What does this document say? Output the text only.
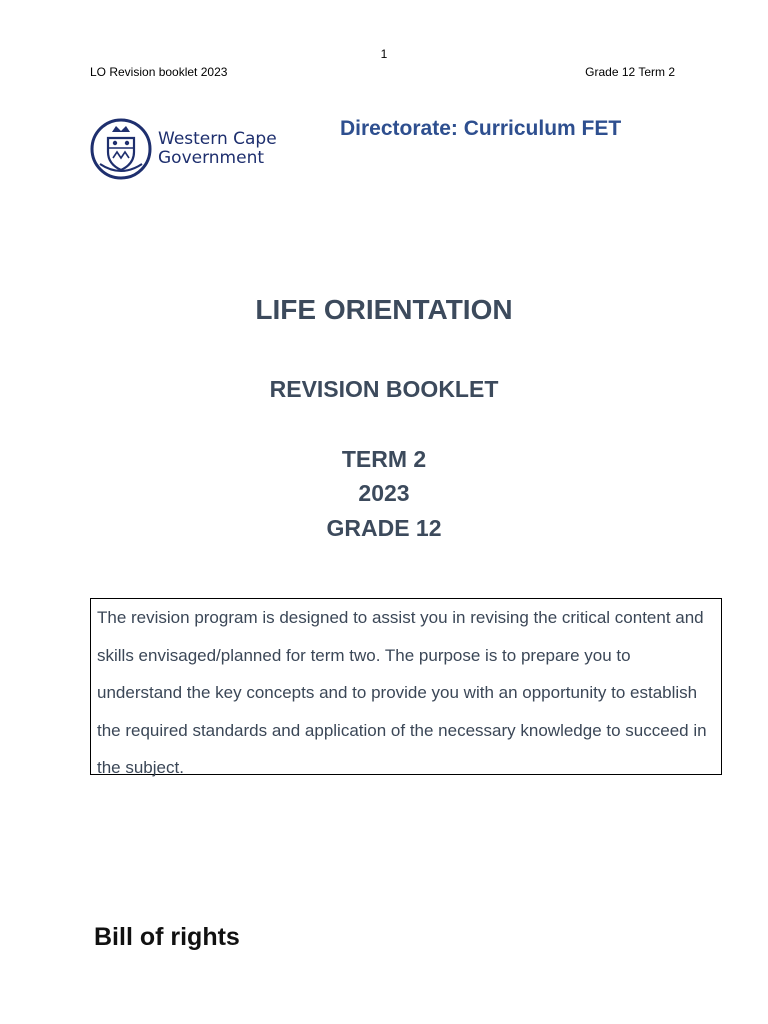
1
LO Revision booklet 2023	Grade 12 Term 2
Western Cape
Government
Directorate: Curriculum FET
LIFE ORIENTATION
REVISION BOOKLET
TERM 2
2023
GRADE 12

The revision program is designed to assist you in revising the critical content and skills envisaged/planned for term two. The purpose is to prepare you to understand the key concepts and to provide you with an opportunity to establish the required standards and application of the necessary knowledge to succeed in the subject.

Bill of rights
